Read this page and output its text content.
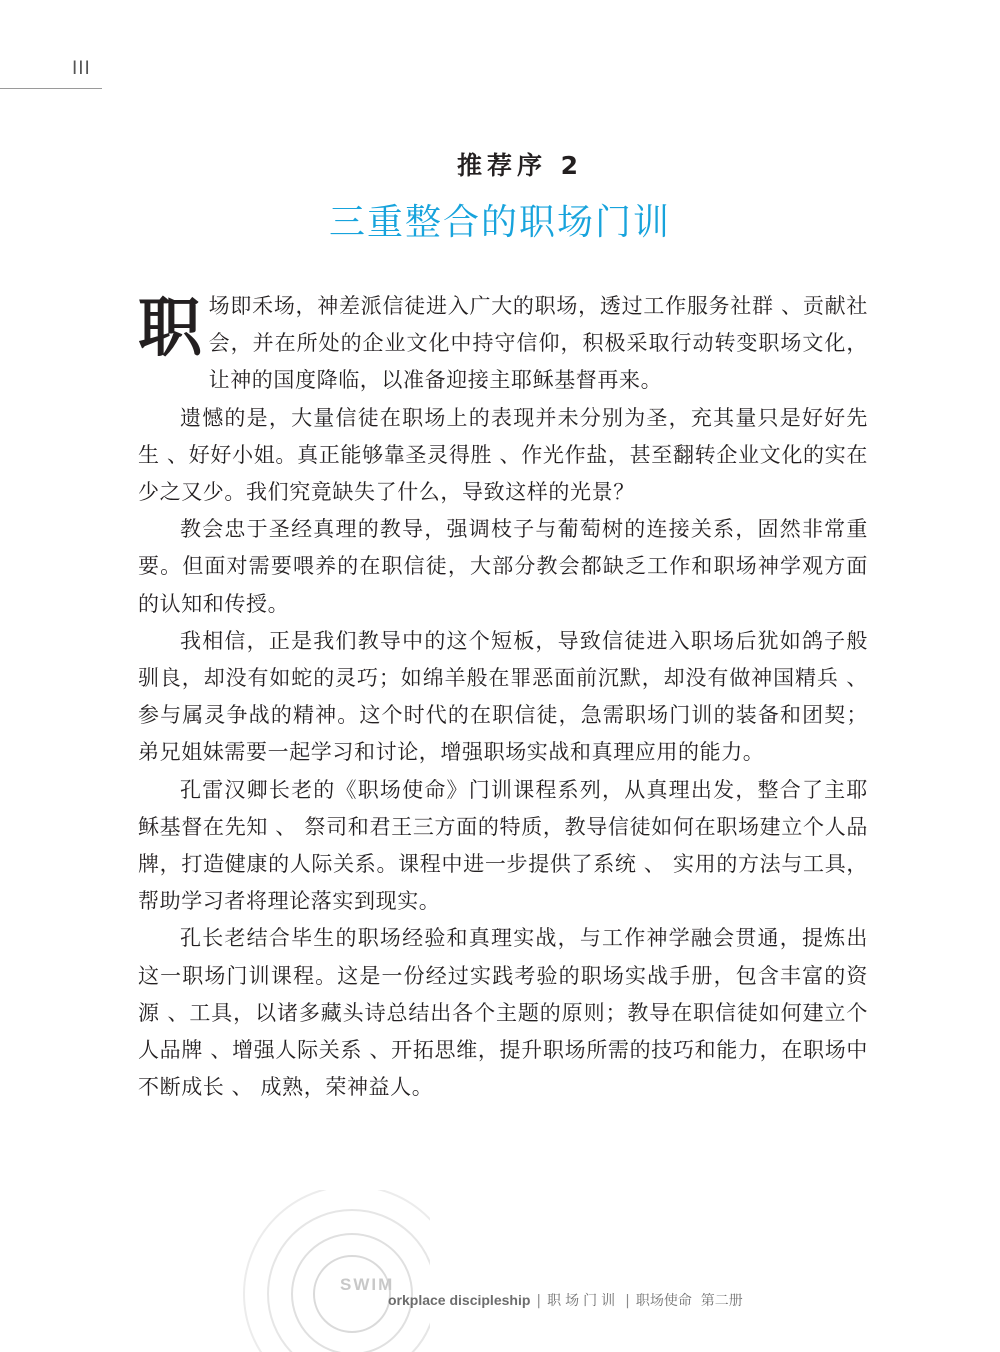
III
推荐序 2
三重整合的职场门训

职场即禾场，神差派信徒进入广大的职场，透过工作服务社群 、贡献社会，并在所处的企业文化中持守信仰，积极采取行动转变职场文化，让神的国度降临，以准备迎接主耶稣基督再来。

遗憾的是，大量信徒在职场上的表现并未分别为圣，充其量只是好好先生 、好好小姐。真正能够靠圣灵得胜 、作光作盐，甚至翻转企业文化的实在少之又少。我们究竟缺失了什么，导致这样的光景？

教会忠于圣经真理的教导，强调枝子与葡萄树的连接关系，固然非常重要。但面对需要喂养的在职信徒，大部分教会都缺乏工作和职场神学观方面的认知和传授。

我相信，正是我们教导中的这个短板，导致信徒进入职场后犹如鸽子般驯良，却没有如蛇的灵巧；如绵羊般在罪恶面前沉默，却没有做神国精兵 、 参与属灵争战的精神。这个时代的在职信徒，急需职场门训的装备和团契；弟兄姐妹需要一起学习和讨论，增强职场实战和真理应用的能力。

孔雷汉卿长老的《职场使命》门训课程系列，从真理出发，整合了主耶稣基督在先知 、 祭司和君王三方面的特质，教导信徒如何在职场建立个人品牌，打造健康的人际关系。课程中进一步提供了系统 、 实用的方法与工具，帮助学习者将理论落实到现实。

孔长老结合毕生的职场经验和真理实战，与工作神学融会贯通，提炼出这一职场门训课程。这是一份经过实践考验的职场实战手册，包含丰富的资源 、工具，以诸多藏头诗总结出各个主题的原则；教导在职信徒如何建立个人品牌 、增强人际关系 、开拓思维，提升职场所需的技巧和能力，在职场中不断成长 、 成熟，荣神益人。

SWIM
orkplace discipleship | 职场门训 | 职场使命 第二册
